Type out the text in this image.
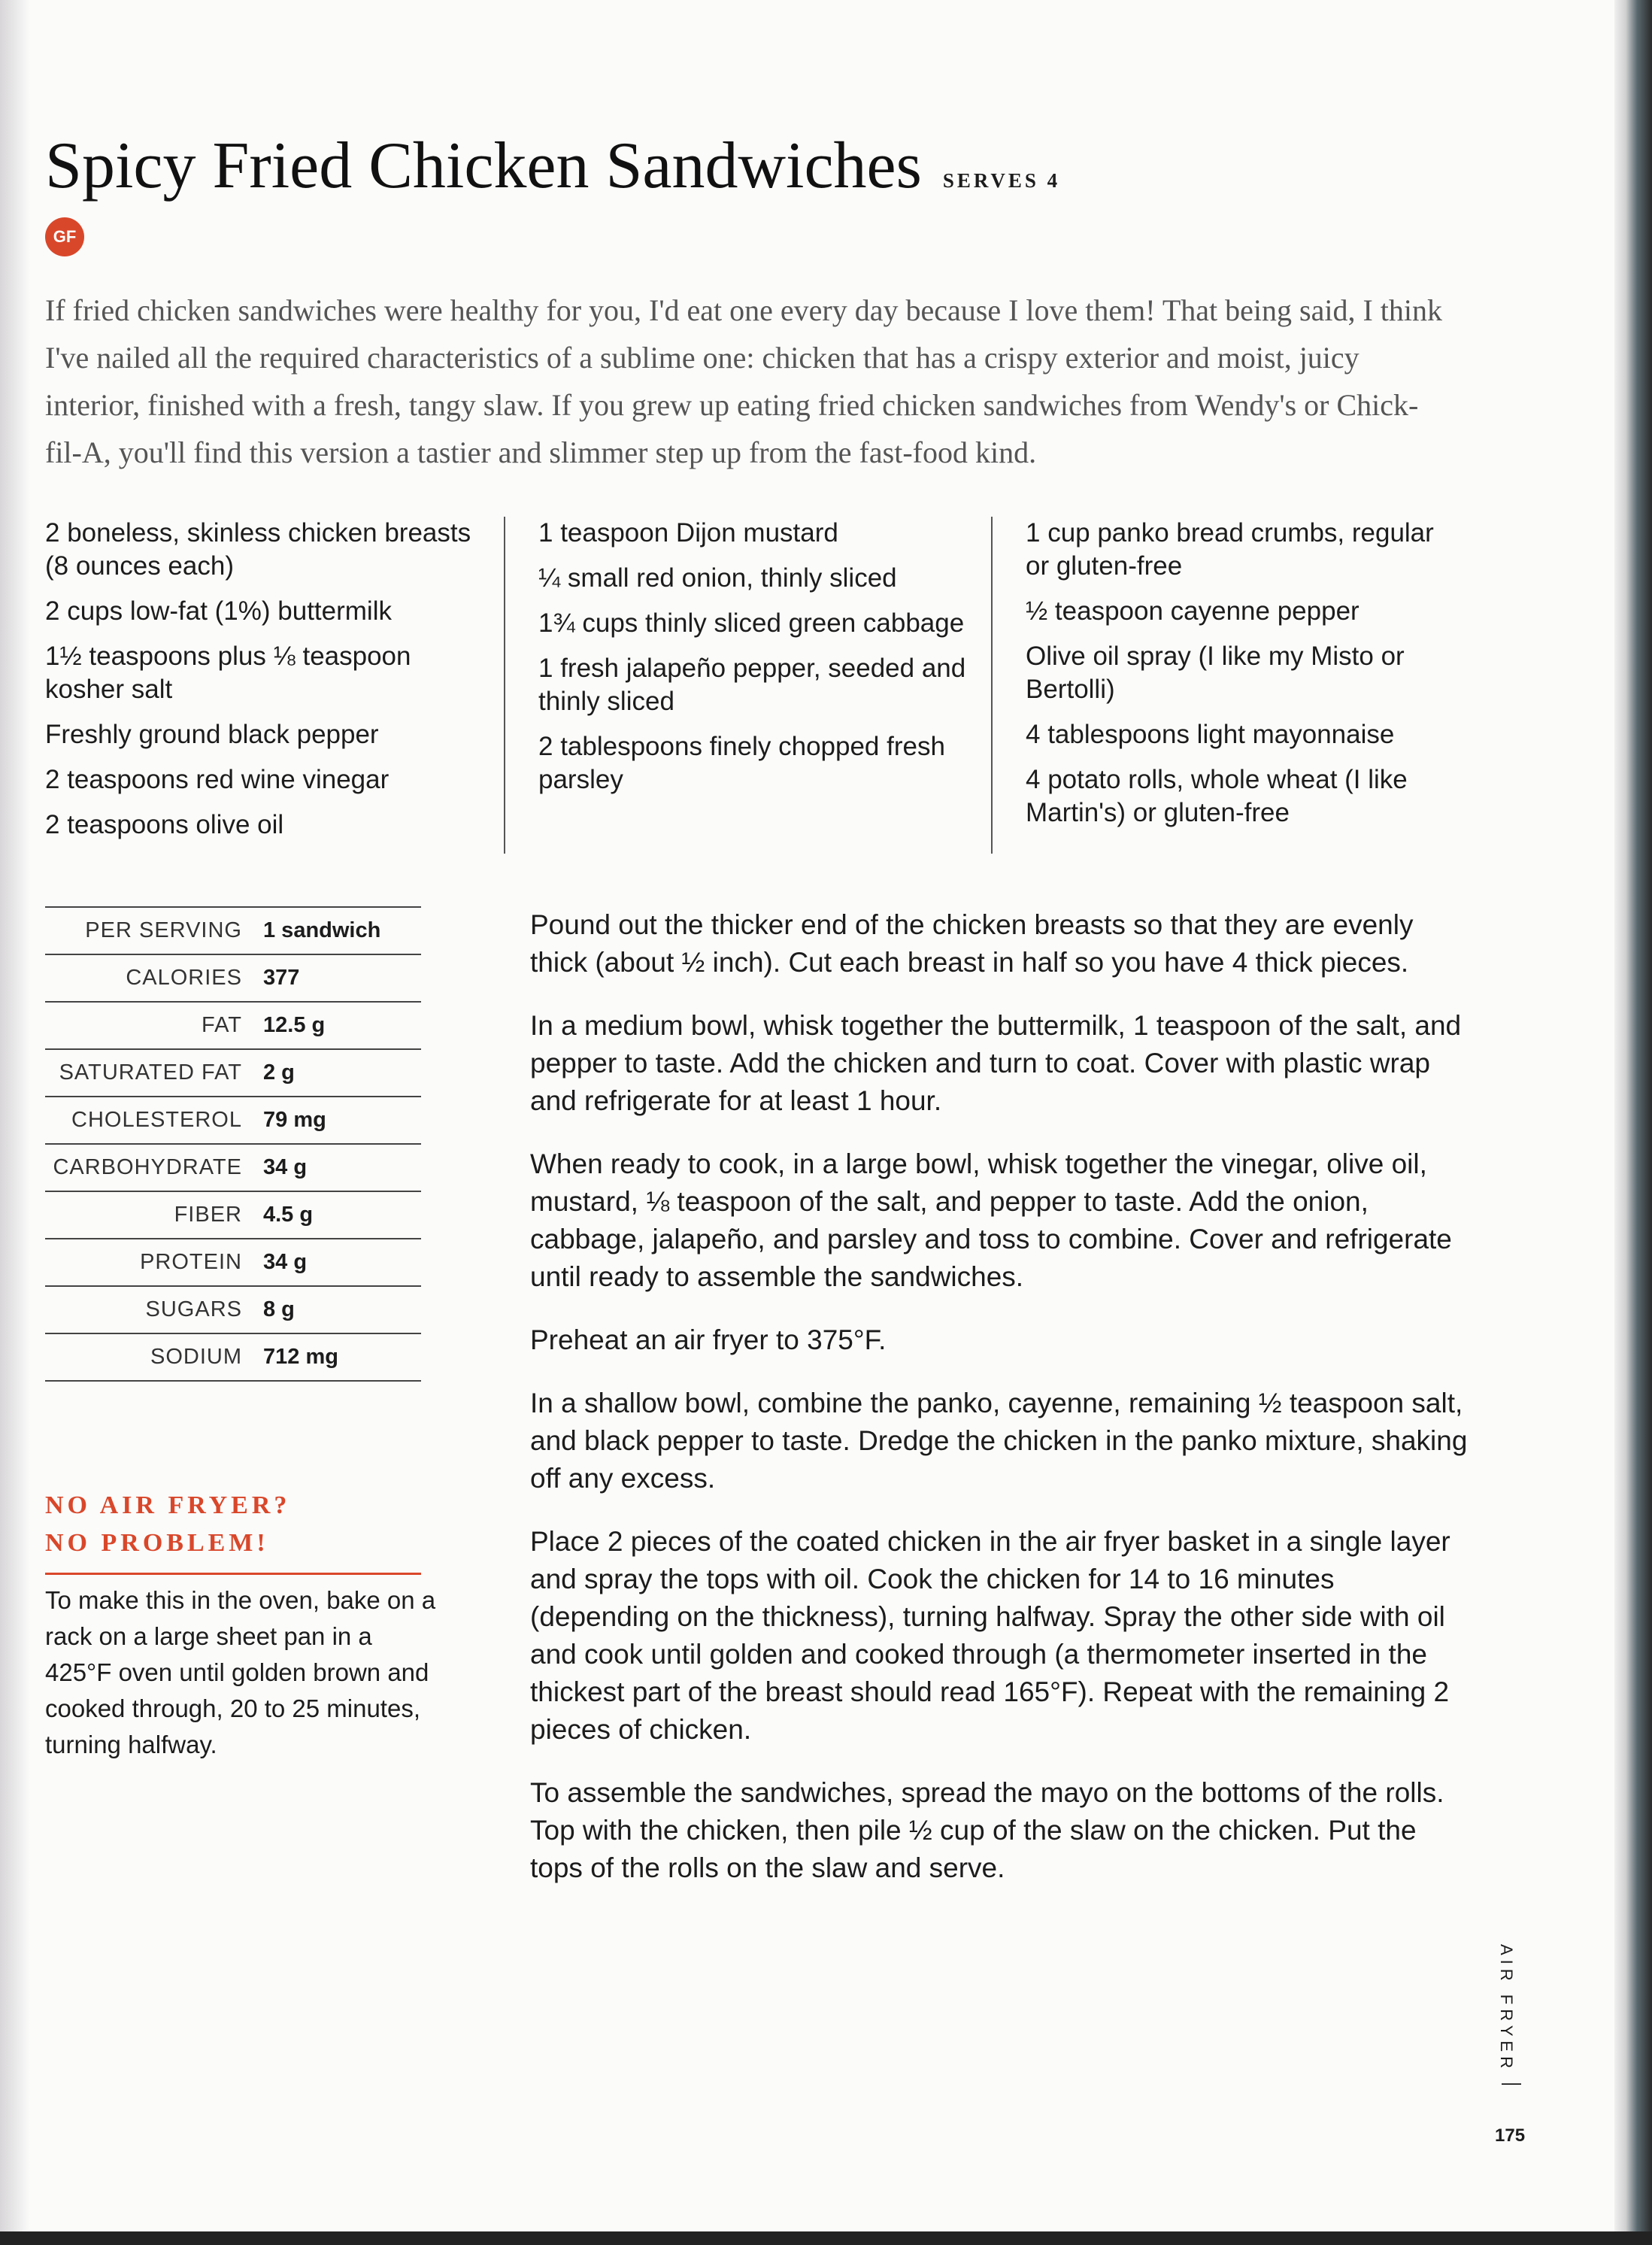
Spicy Fried Chicken Sandwiches SERVES 4
GF
If fried chicken sandwiches were healthy for you, I'd eat one every day because I love them! That being said, I think I've nailed all the required characteristics of a sublime one: chicken that has a crispy exterior and moist, juicy interior, finished with a fresh, tangy slaw. If you grew up eating fried chicken sandwiches from Wendy's or Chick-fil-A, you'll find this version a tastier and slimmer step up from the fast-food kind.
2 boneless, skinless chicken breasts (8 ounces each)
2 cups low-fat (1%) buttermilk
1½ teaspoons plus ⅛ teaspoon kosher salt
Freshly ground black pepper
2 teaspoons red wine vinegar
2 teaspoons olive oil
1 teaspoon Dijon mustard
¼ small red onion, thinly sliced
1¾ cups thinly sliced green cabbage
1 fresh jalapeño pepper, seeded and thinly sliced
2 tablespoons finely chopped fresh parsley
1 cup panko bread crumbs, regular or gluten-free
½ teaspoon cayenne pepper
Olive oil spray (I like my Misto or Bertolli)
4 tablespoons light mayonnaise
4 potato rolls, whole wheat (I like Martin's) or gluten-free
PER SERVING 1 sandwich
CALORIES 377
FAT 12.5 g
SATURATED FAT 2 g
CHOLESTEROL 79 mg
CARBOHYDRATE 34 g
FIBER 4.5 g
PROTEIN 34 g
SUGARS 8 g
SODIUM 712 mg
NO AIR FRYER?
NO PROBLEM!
To make this in the oven, bake on a rack on a large sheet pan in a 425°F oven until golden brown and cooked through, 20 to 25 minutes, turning halfway.

Pound out the thicker end of the chicken breasts so that they are evenly thick (about ½ inch). Cut each breast in half so you have 4 thick pieces.

In a medium bowl, whisk together the buttermilk, 1 teaspoon of the salt, and pepper to taste. Add the chicken and turn to coat. Cover with plastic wrap and refrigerate for at least 1 hour.

When ready to cook, in a large bowl, whisk together the vinegar, olive oil, mustard, ⅛ teaspoon of the salt, and pepper to taste. Add the onion, cabbage, jalapeño, and parsley and toss to combine. Cover and refrigerate until ready to assemble the sandwiches.

Preheat an air fryer to 375°F.

In a shallow bowl, combine the panko, cayenne, remaining ½ teaspoon salt, and black pepper to taste. Dredge the chicken in the panko mixture, shaking off any excess.

Place 2 pieces of the coated chicken in the air fryer basket in a single layer and spray the tops with oil. Cook the chicken for 14 to 16 minutes (depending on the thickness), turning halfway. Spray the other side with oil and cook until golden and cooked through (a thermometer inserted in the thickest part of the breast should read 165°F). Repeat with the remaining 2 pieces of chicken.

To assemble the sandwiches, spread the mayo on the bottoms of the rolls. Top with the chicken, then pile ½ cup of the slaw on the chicken. Put the tops of the rolls on the slaw and serve.

AIR FRYER
175
